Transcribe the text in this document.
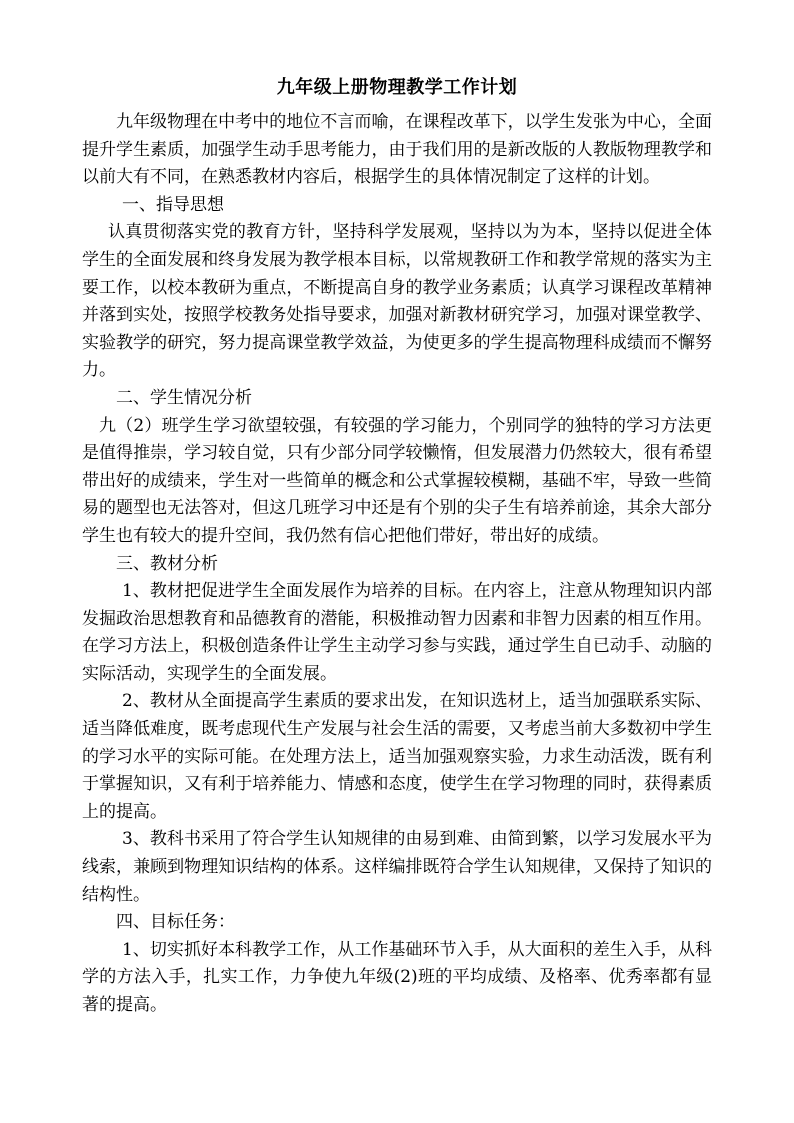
九年级上册物理教学工作计划

九年级物理在中考中的地位不言而喻，在课程改革下，以学生发张为中心，全面提升学生素质，加强学生动手思考能力，由于我们用的是新改版的人教版物理教学和以前大有不同，在熟悉教材内容后，根据学生的具体情况制定了这样的计划。

一、指导思想

认真贯彻落实党的教育方针，坚持科学发展观，坚持以为为本，坚持以促进全体学生的全面发展和终身发展为教学根本目标，以常规教研工作和教学常规的落实为主要工作，以校本教研为重点，不断提高自身的教学业务素质；认真学习课程改革精神并落到实处，按照学校教务处指导要求，加强对新教材研究学习，加强对课堂教学、实验教学的研究，努力提高课堂教学效益，为使更多的学生提高物理科成绩而不懈努力。

二、学生情况分析

九（2）班学生学习欲望较强，有较强的学习能力，个别同学的独特的学习方法更是值得推崇，学习较自觉，只有少部分同学较懒惰，但发展潜力仍然较大，很有希望带出好的成绩来，学生对一些简单的概念和公式掌握较模糊，基础不牢，导致一些简易的题型也无法答对，但这几班学习中还是有个别的尖子生有培养前途，其余大部分学生也有较大的提升空间，我仍然有信心把他们带好，带出好的成绩。

三、教材分析

1、教材把促进学生全面发展作为培养的目标。在内容上，注意从物理知识内部发掘政治思想教育和品德教育的潜能，积极推动智力因素和非智力因素的相互作用。在学习方法上，积极创造条件让学生主动学习参与实践，通过学生自已动手、动脑的实际活动，实现学生的全面发展。

2、教材从全面提高学生素质的要求出发，在知识选材上，适当加强联系实际、适当降低难度，既考虑现代生产发展与社会生活的需要，又考虑当前大多数初中学生的学习水平的实际可能。在处理方法上，适当加强观察实验，力求生动活泼，既有利于掌握知识，又有利于培养能力、情感和态度，使学生在学习物理的同时，获得素质上的提高。

3、教科书采用了符合学生认知规律的由易到难、由简到繁，以学习发展水平为线索，兼顾到物理知识结构的体系。这样编排既符合学生认知规律，又保持了知识的结构性。

四、目标任务：

1、切实抓好本科教学工作，从工作基础环节入手，从大面积的差生入手，从科学的方法入手，扎实工作，力争使九年级(2)班的平均成绩、及格率、优秀率都有显著的提高。
